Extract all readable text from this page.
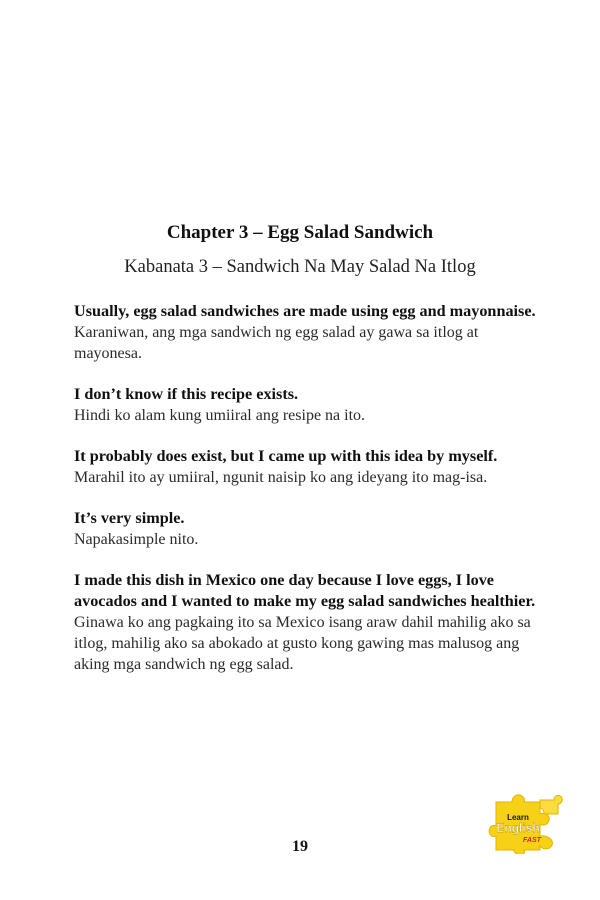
Chapter 3 – Egg Salad Sandwich
Kabanata 3 – Sandwich Na May Salad Na Itlog
Usually, egg salad sandwiches are made using egg and mayonnaise.
Karaniwan, ang mga sandwich ng egg salad ay gawa sa itlog at mayonesa.
I don’t know if this recipe exists.
Hindi ko alam kung umiiral ang resipe na ito.
It probably does exist, but I came up with this idea by myself.
Marahil ito ay umiiral, ngunit naisip ko ang ideyang ito mag-isa.
It’s very simple.
Napakasimple nito.
I made this dish in Mexico one day because I love eggs, I love avocados and I wanted to make my egg salad sandwiches healthier.
Ginawa ko ang pagkaing ito sa Mexico isang araw dahil mahilig ako sa itlog, mahilig ako sa abokado at gusto kong gawing mas malusog ang aking mga sandwich ng egg salad.
19
Learn
English
FAST
